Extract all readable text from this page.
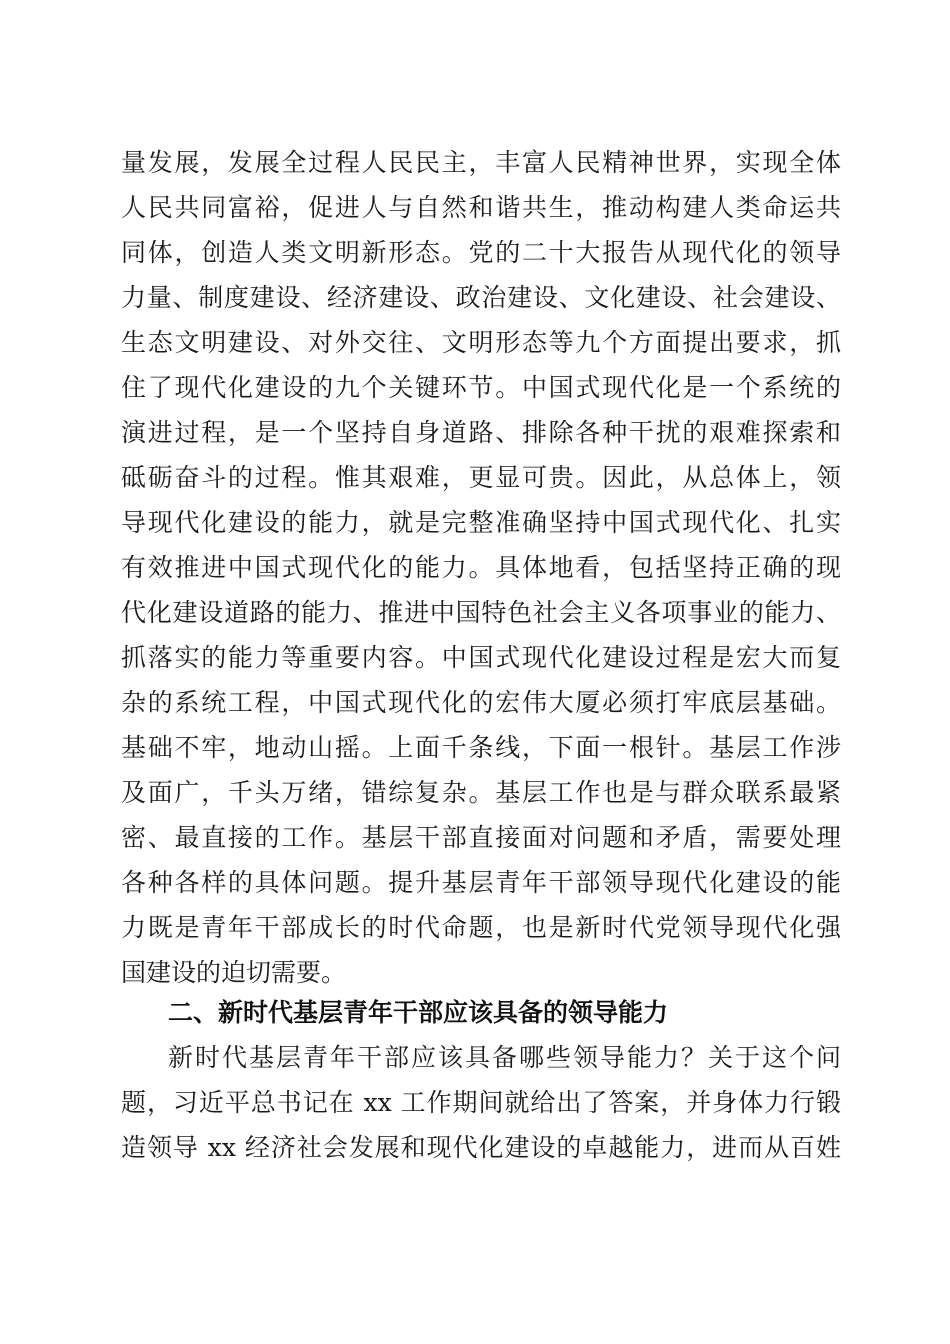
量发展，发展全过程人民民主，丰富人民精神世界，实现全体
人民共同富裕，促进人与自然和谐共生，推动构建人类命运共
同体，创造人类文明新形态。党的二十大报告从现代化的领导
力量、制度建设、经济建设、政治建设、文化建设、社会建设、
生态文明建设、对外交往、文明形态等九个方面提出要求，抓
住了现代化建设的九个关键环节。中国式现代化是一个系统的
演进过程，是一个坚持自身道路、排除各种干扰的艰难探索和
砥砺奋斗的过程。惟其艰难，更显可贵。因此，从总体上，领
导现代化建设的能力，就是完整准确坚持中国式现代化、扎实
有效推进中国式现代化的能力。具体地看，包括坚持正确的现
代化建设道路的能力、推进中国特色社会主义各项事业的能力、
抓落实的能力等重要内容。中国式现代化建设过程是宏大而复
杂的系统工程，中国式现代化的宏伟大厦必须打牢底层基础。
基础不牢，地动山摇。上面千条线，下面一根针。基层工作涉
及面广，千头万绪，错综复杂。基层工作也是与群众联系最紧
密、最直接的工作。基层干部直接面对问题和矛盾，需要处理
各种各样的具体问题。提升基层青年干部领导现代化建设的能
力既是青年干部成长的时代命题，也是新时代党领导现代化强
国建设的迫切需要。
二、新时代基层青年干部应该具备的领导能力
新时代基层青年干部应该具备哪些领导能力？关于这个问
题，习近平总书记在 xx 工作期间就给出了答案，并身体力行锻
造领导 xx 经济社会发展和现代化建设的卓越能力，进而从百姓
